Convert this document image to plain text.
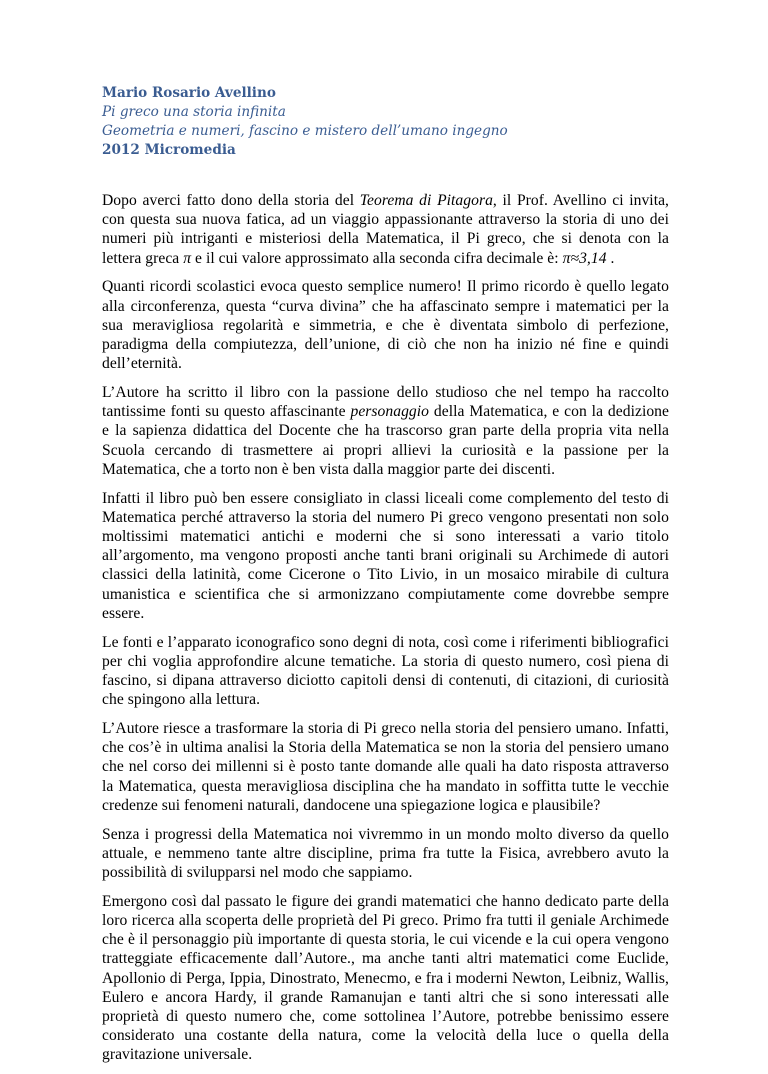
Mario Rosario Avellino
Pi greco una storia infinita
Geometria e numeri, fascino e mistero dell’umano ingegno
2012 Micromedia

Dopo averci fatto dono della storia del Teorema di Pitagora, il Prof. Avellino ci invita, con questa sua nuova fatica, ad un viaggio appassionante attraverso la storia di uno dei numeri più intriganti e misteriosi della Matematica, il Pi greco, che si denota con la lettera greca π e il cui valore approssimato alla seconda cifra decimale è: π≈3,14 .

Quanti ricordi scolastici evoca questo semplice numero! Il primo ricordo è quello legato alla circonferenza, questa “curva divina” che ha affascinato sempre i matematici per la sua meravigliosa regolarità e simmetria, e che è diventata simbolo di perfezione, paradigma della compiutezza, dell’unione, di ciò che non ha inizio né fine e quindi dell’eternità.

L’Autore ha scritto il libro con la passione dello studioso che nel tempo ha raccolto tantissime fonti su questo affascinante personaggio della Matematica, e con la dedizione e la sapienza didattica del Docente che ha trascorso gran parte della propria vita nella Scuola cercando di trasmettere ai propri allievi la curiosità e la passione per la Matematica, che a torto non è ben vista dalla maggior parte dei discenti.

Infatti il libro può ben essere consigliato in classi liceali come complemento del testo di Matematica perché attraverso la storia del numero Pi greco vengono presentati non solo moltissimi matematici antichi e moderni che si sono interessati a vario titolo all’argomento, ma vengono proposti anche tanti brani originali su Archimede di autori classici della latinità, come Cicerone o Tito Livio, in un mosaico mirabile di cultura umanistica e scientifica che si armonizzano compiutamente come dovrebbe sempre essere.

Le fonti e l’apparato iconografico sono degni di nota, così come i riferimenti bibliografici per chi voglia approfondire alcune tematiche. La storia di questo numero, così piena di fascino, si dipana attraverso diciotto capitoli densi di contenuti, di citazioni, di curiosità che spingono alla lettura.

L’Autore riesce a trasformare la storia di Pi greco nella storia del pensiero umano. Infatti, che cos’è in ultima analisi la Storia della Matematica se non la storia del pensiero umano che nel corso dei millenni si è posto tante domande alle quali ha dato risposta attraverso la Matematica, questa meravigliosa disciplina che ha mandato in soffitta tutte le vecchie credenze sui fenomeni naturali, dandocene una spiegazione logica e plausibile?

Senza i progressi della Matematica noi vivremmo in un mondo molto diverso da quello attuale, e nemmeno tante altre discipline, prima fra tutte la Fisica, avrebbero avuto la possibilità di svilupparsi nel modo che sappiamo.

Emergono così dal passato le figure dei grandi matematici che hanno dedicato parte della loro ricerca alla scoperta delle proprietà del Pi greco. Primo fra tutti il geniale Archimede che è il personaggio più importante di questa storia, le cui vicende e la cui opera vengono tratteggiate efficacemente dall’Autore., ma anche tanti altri matematici come Euclide, Apollonio di Perga, Ippia, Dinostrato, Menecmo, e fra i moderni Newton, Leibniz, Wallis, Eulero e ancora Hardy, il grande Ramanujan e tanti altri che si sono interessati alle proprietà di questo numero che, come sottolinea l’Autore, potrebbe benissimo essere considerato una costante della natura, come la velocità della luce o quella della gravitazione universale.
